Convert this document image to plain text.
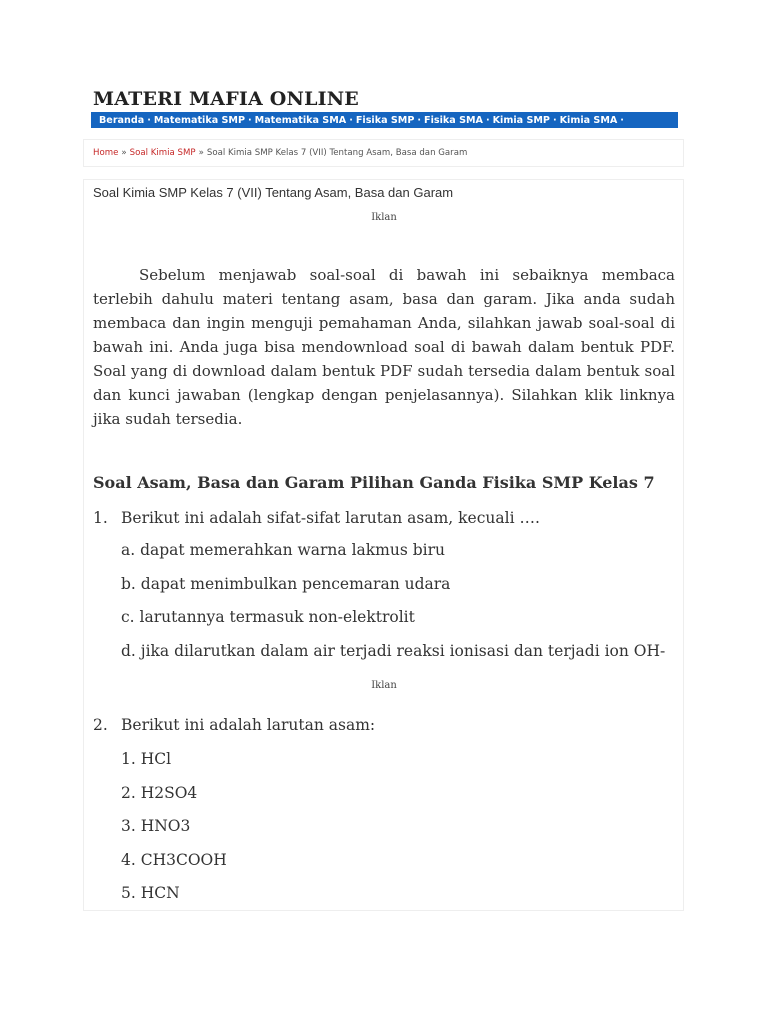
MATERI MAFIA ONLINE
Beranda · Matematika SMP · Matematika SMA · Fisika SMP · Fisika SMA · Kimia SMP · Kimia SMA ·
Home » Soal Kimia SMP » Soal Kimia SMP Kelas 7 (VII) Tentang Asam, Basa dan Garam
Soal Kimia SMP Kelas 7 (VII) Tentang Asam, Basa dan Garam
Iklan

Sebelum menjawab soal-soal di bawah ini sebaiknya membaca terlebih dahulu materi tentang asam, basa dan garam. Jika anda sudah membaca dan ingin menguji pemahaman Anda, silahkan jawab soal-soal di bawah ini. Anda juga bisa mendownload soal di bawah dalam bentuk PDF. Soal yang di download dalam bentuk PDF sudah tersedia dalam bentuk soal dan kunci jawaban (lengkap dengan penjelasannya). Silahkan klik linknya jika sudah tersedia.

Soal Asam, Basa dan Garam Pilihan Ganda Fisika SMP Kelas 7
1. Berikut ini adalah sifat-sifat larutan asam, kecuali ….
a. dapat memerahkan warna lakmus biru
b. dapat menimbulkan pencemaran udara
c. larutannya termasuk non-elektrolit
d. jika dilarutkan dalam air terjadi reaksi ionisasi dan terjadi ion OH-
Iklan
2. Berikut ini adalah larutan asam:
1. HCl
2. H2SO4
3. HNO3
4. CH3COOH
5. HCN
